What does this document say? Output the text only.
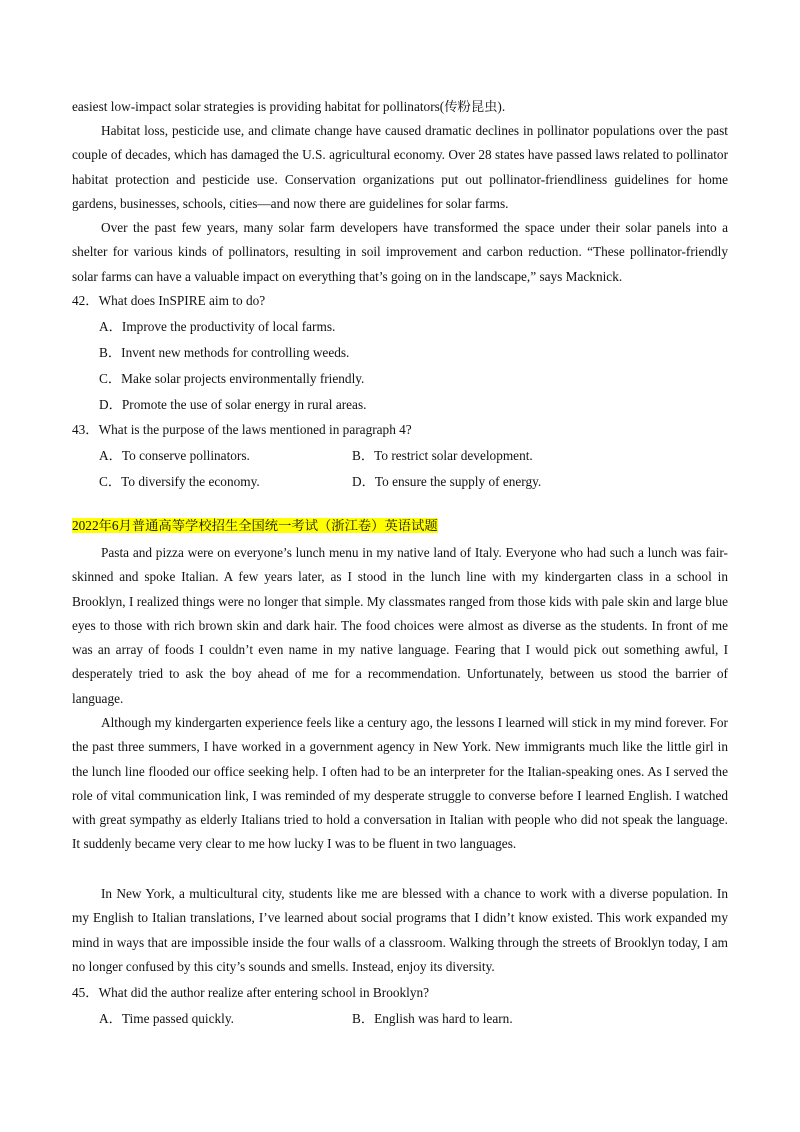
easiest low-impact solar strategies is providing habitat for pollinators(传粉昆虫).

Habitat loss, pesticide use, and climate change have caused dramatic declines in pollinator populations over the past couple of decades, which has damaged the U.S. agricultural economy. Over 28 states have passed laws related to pollinator habitat protection and pesticide use. Conservation organizations put out pollinator-friendliness guidelines for home gardens, businesses, schools, cities—and now there are guidelines for solar farms.

Over the past few years, many solar farm developers have transformed the space under their solar panels into a shelter for various kinds of pollinators, resulting in soil improvement and carbon reduction. “These pollinator-friendly solar farms can have a valuable impact on everything that’s going on in the landscape,” says Macknick.

42．What does InSPIRE aim to do?
A．Improve the productivity of local farms.
B．Invent new methods for controlling weeds.
C．Make solar projects environmentally friendly.
D．Promote the use of solar energy in rural areas.
43．What is the purpose of the laws mentioned in paragraph 4?
A．To conserve pollinators.	B．To restrict solar development.
C．To diversify the economy.	D．To ensure the supply of energy.
2022年6月普通高等学校招生全国统一考试（浙江卷）英语试题

Pasta and pizza were on everyone’s lunch menu in my native land of Italy. Everyone who had such a lunch was fair-skinned and spoke Italian. A few years later, as I stood in the lunch line with my kindergarten class in a school in Brooklyn, I realized things were no longer that simple. My classmates ranged from those kids with pale skin and large blue eyes to those with rich brown skin and dark hair. The food choices were almost as diverse as the students. In front of me was an array of foods I couldn’t even name in my native language. Fearing that I would pick out something awful, I desperately tried to ask the boy ahead of me for a recommendation. Unfortunately, between us stood the barrier of language.

Although my kindergarten experience feels like a century ago, the lessons I learned will stick in my mind forever. For the past three summers, I have worked in a government agency in New York. New immigrants much like the little girl in the lunch line flooded our office seeking help. I often had to be an interpreter for the Italian-speaking ones. As I served the role of vital communication link, I was reminded of my desperate struggle to converse before I learned English. I watched with great sympathy as elderly Italians tried to hold a conversation in Italian with people who did not speak the language. It suddenly became very clear to me how lucky I was to be fluent in two languages.

In New York, a multicultural city, students like me are blessed with a chance to work with a diverse population. In my English to Italian translations, I’ve learned about social programs that I didn’t know existed. This work expanded my mind in ways that are impossible inside the four walls of a classroom. Walking through the streets of Brooklyn today, I am no longer confused by this city’s sounds and smells. Instead, enjoy its diversity.

45．What did the author realize after entering school in Brooklyn?
A．Time passed quickly.	B．English was hard to learn.
